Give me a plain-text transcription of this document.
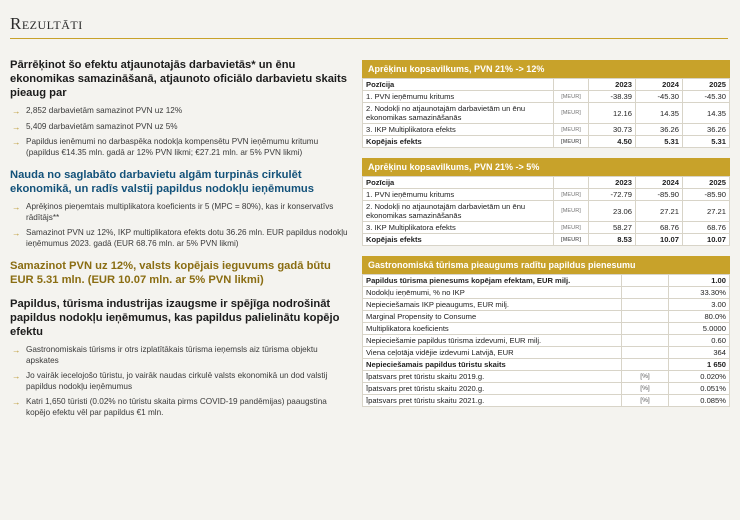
Rezultāti
Pārrēķinot šo efektu atjaunotajās darbavietās* un ēnu ekonomikas samazināšanā, atjaunoto oficiālo darbavietu skaits pieaug par
→ 2,852 darbavietām samazinot PVN uz 12%
→ 5,409 darbavietām samazinot PVN uz 5%
→ Papildus ienēmumi no darbaspēka nodokļa kompensētu PVN ieņēmumu kritumu (papildus €14.35 mln. gadā ar 12% PVN likmi; €27.21 mln. ar 5% PVN likmi)
Nauda no saglabāto darbavietu algām turpinās cirkulēt ekonomikā, un radīs valstij papildus nodokļu ieņēmumus
→ Aprēķinos pieņemtais multiplikatora koeficients ir 5 (MPC = 80%), kas ir konservatīvs rādītājs**
→ Samazinot PVN uz 12%, IKP multiplikatora efekts dotu 36.26 mln. EUR papildus nodokļu ieņēmumus 2023. gadā (EUR 68.76 mln. ar 5% PVN likmi)
Samazinot PVN uz 12%, valsts kopējais ieguvums gadā būtu EUR 5.31 mln. (EUR 10.07 mln. ar 5% PVN likmi)
Papildus, tūrisma industrijas izaugsme ir spējīga nodrošināt papildus nodokļu ieņēmumus, kas papildus palielinātu kopējo efektu
→ Gastronomiskais tūrisms ir otrs izplatītākais tūrisma ieņemsls aiz tūrisma objektu apskates
→ Jo vairāk iecelojošo tūristu, jo vairāk naudas cirkulē valsts ekonomikā un dod valstij papildus nodokļu ieņēmumus
→ Katri 1,650 tūristi (0.02% no tūristu skaita pirms COVID-19 pandēmijas) paaugstina kopējo efektu vēl par papildus €1 mln.
Aprēķinu kopsavilkums, PVN 21% -> 12%
Pozīcija		2023	2024	2025
1. PVN ieņēmumu kritums	[MEUR]	-38.39	-45.30	-45.30
2. Nodokļi no atjaunotajām darbavietām un ēnu ekonomikas samazināšanās	[MEUR]	12.16	14.35	14.35
3. IKP Multiplikatora efekts	[MEUR]	30.73	36.26	36.26
Kopējais efekts	[MEUR]	4.50	5.31	5.31
Aprēķinu kopsavilkums, PVN 21% -> 5%
Pozīcija		2023	2024	2025
1. PVN ieņēmumu kritums	[MEUR]	-72.79	-85.90	-85.90
2. Nodokļi no atjaunotajām darbavietām un ēnu ekonomikas samazināšanās	[MEUR]	23.06	27.21	27.21
3. IKP Multiplikatora efekts	[MEUR]	58.27	68.76	68.76
Kopējais efekts	[MEUR]	8.53	10.07	10.07
Gastronomiskā tūrisma pieaugums radītu papildus pienesumu
Papildus tūrisma pienesums kopējam efektam, EUR milj.		1.00
Nodokļu ieņēmumi, % no IKP		33.30%
Nepieciešamais IKP pieaugums, EUR milj.		3.00
Marginal Propensity to Consume		80.0%
Multiplikatora koeficients		5.0000
Nepieciešamie papildus tūrisma izdevumi, EUR milj.		0.60
Viena ceļotāja vidējie izdevumi Latvijā, EUR		364
Nepieciešamais papildus tūristu skaits		1 650
Īpatsvars pret tūristu skaitu 2019.g.	[%]	0.020%
Īpatsvars pret tūristu skaitu 2020.g.	[%]	0.051%
Īpatsvars pret tūristu skaitu 2021.g.	[%]	0.085%
